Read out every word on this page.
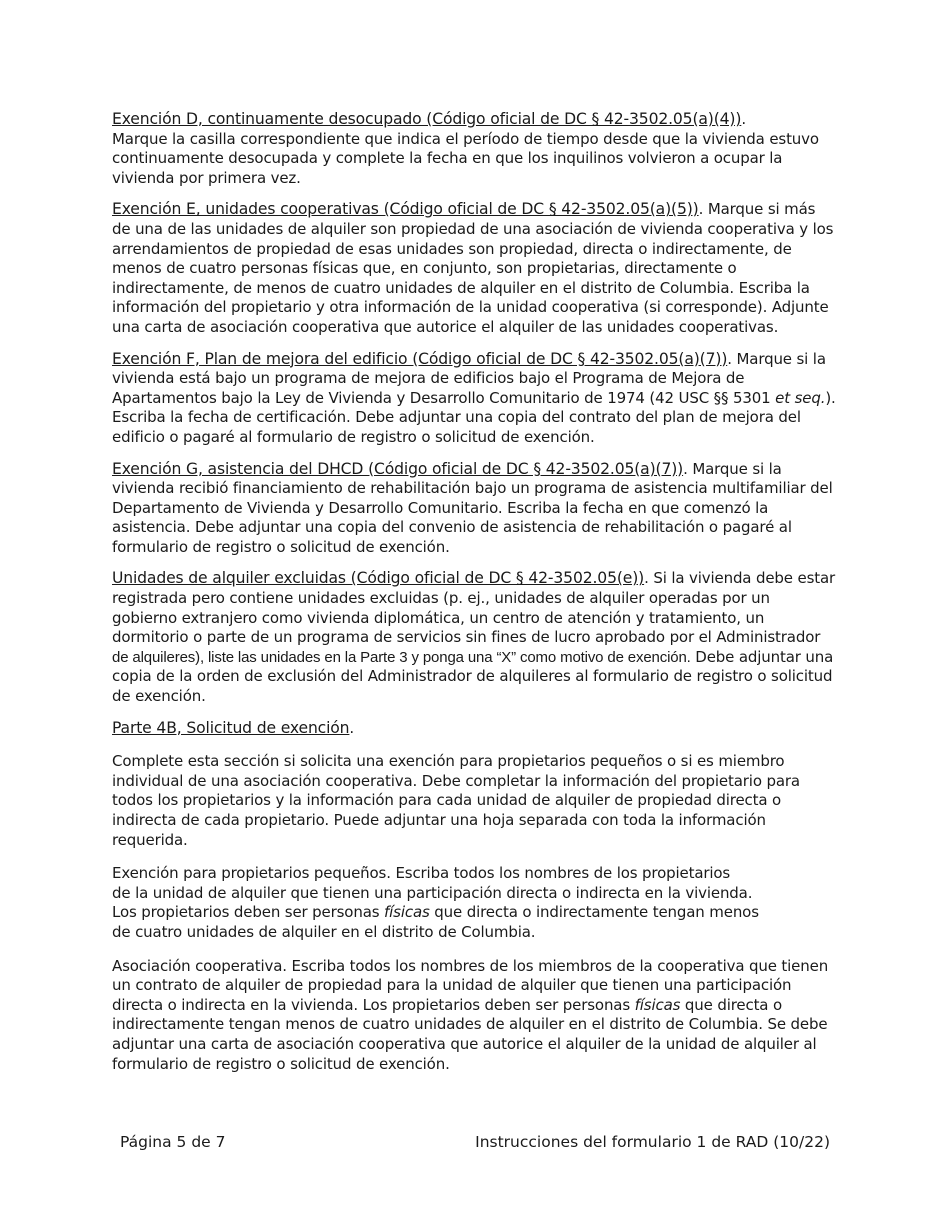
Exención D, continuamente desocupado (Código oficial de DC § 42-3502.05(a)(4)).
Marque la casilla correspondiente que indica el período de tiempo desde que la vivienda estuvo continuamente desocupada y complete la fecha en que los inquilinos volvieron a ocupar la vivienda por primera vez.

Exención E, unidades cooperativas (Código oficial de DC § 42-3502.05(a)(5)). Marque si más de una de las unidades de alquiler son propiedad de una asociación de vivienda cooperativa y los arrendamientos de propiedad de esas unidades son propiedad, directa o indirectamente, de menos de cuatro personas físicas que, en conjunto, son propietarias, directamente o indirectamente, de menos de cuatro unidades de alquiler en el distrito de Columbia. Escriba la información del propietario y otra información de la unidad cooperativa (si corresponde). Adjunte una carta de asociación cooperativa que autorice el alquiler de las unidades cooperativas.

Exención F, Plan de mejora del edificio (Código oficial de DC § 42-3502.05(a)(7)). Marque si la vivienda está bajo un programa de mejora de edificios bajo el Programa de Mejora de Apartamentos bajo la Ley de Vivienda y Desarrollo Comunitario de 1974 (42 USC §§ 5301 et seq.). Escriba la fecha de certificación. Debe adjuntar una copia del contrato del plan de mejora del edificio o pagaré al formulario de registro o solicitud de exención.

Exención G, asistencia del DHCD (Código oficial de DC § 42-3502.05(a)(7)). Marque si la vivienda recibió financiamiento de rehabilitación bajo un programa de asistencia multifamiliar del Departamento de Vivienda y Desarrollo Comunitario. Escriba la fecha en que comenzó la asistencia. Debe adjuntar una copia del convenio de asistencia de rehabilitación o pagaré al formulario de registro o solicitud de exención.

Unidades de alquiler excluidas (Código oficial de DC § 42-3502.05(e)). Si la vivienda debe estar registrada pero contiene unidades excluidas (p. ej., unidades de alquiler operadas por un gobierno extranjero como vivienda diplomática, un centro de atención y tratamiento, un dormitorio o parte de un programa de servicios sin fines de lucro aprobado por el Administrador de alquileres), liste las unidades en la Parte 3 y ponga una “X” como motivo de exención. Debe adjuntar una copia de la orden de exclusión del Administrador de alquileres al formulario de registro o solicitud de exención.

Parte 4B, Solicitud de exención.

Complete esta sección si solicita una exención para propietarios pequeños o si es miembro individual de una asociación cooperativa. Debe completar la información del propietario para todos los propietarios y la información para cada unidad de alquiler de propiedad directa o indirecta de cada propietario. Puede adjuntar una hoja separada con toda la información requerida.

Exención para propietarios pequeños. Escriba todos los nombres de los propietarios
de la unidad de alquiler que tienen una participación directa o indirecta en la vivienda.
Los propietarios deben ser personas físicas que directa o indirectamente tengan menos
de cuatro unidades de alquiler en el distrito de Columbia.

Asociación cooperativa. Escriba todos los nombres de los miembros de la cooperativa que tienen un contrato de alquiler de propiedad para la unidad de alquiler que tienen una participación directa o indirecta en la vivienda. Los propietarios deben ser personas físicas que directa o indirectamente tengan menos de cuatro unidades de alquiler en el distrito de Columbia. Se debe adjuntar una carta de asociación cooperativa que autorice el alquiler de la unidad de alquiler al formulario de registro o solicitud de exención.

Página 5 de 7	Instrucciones del formulario 1 de RAD (10/22)
